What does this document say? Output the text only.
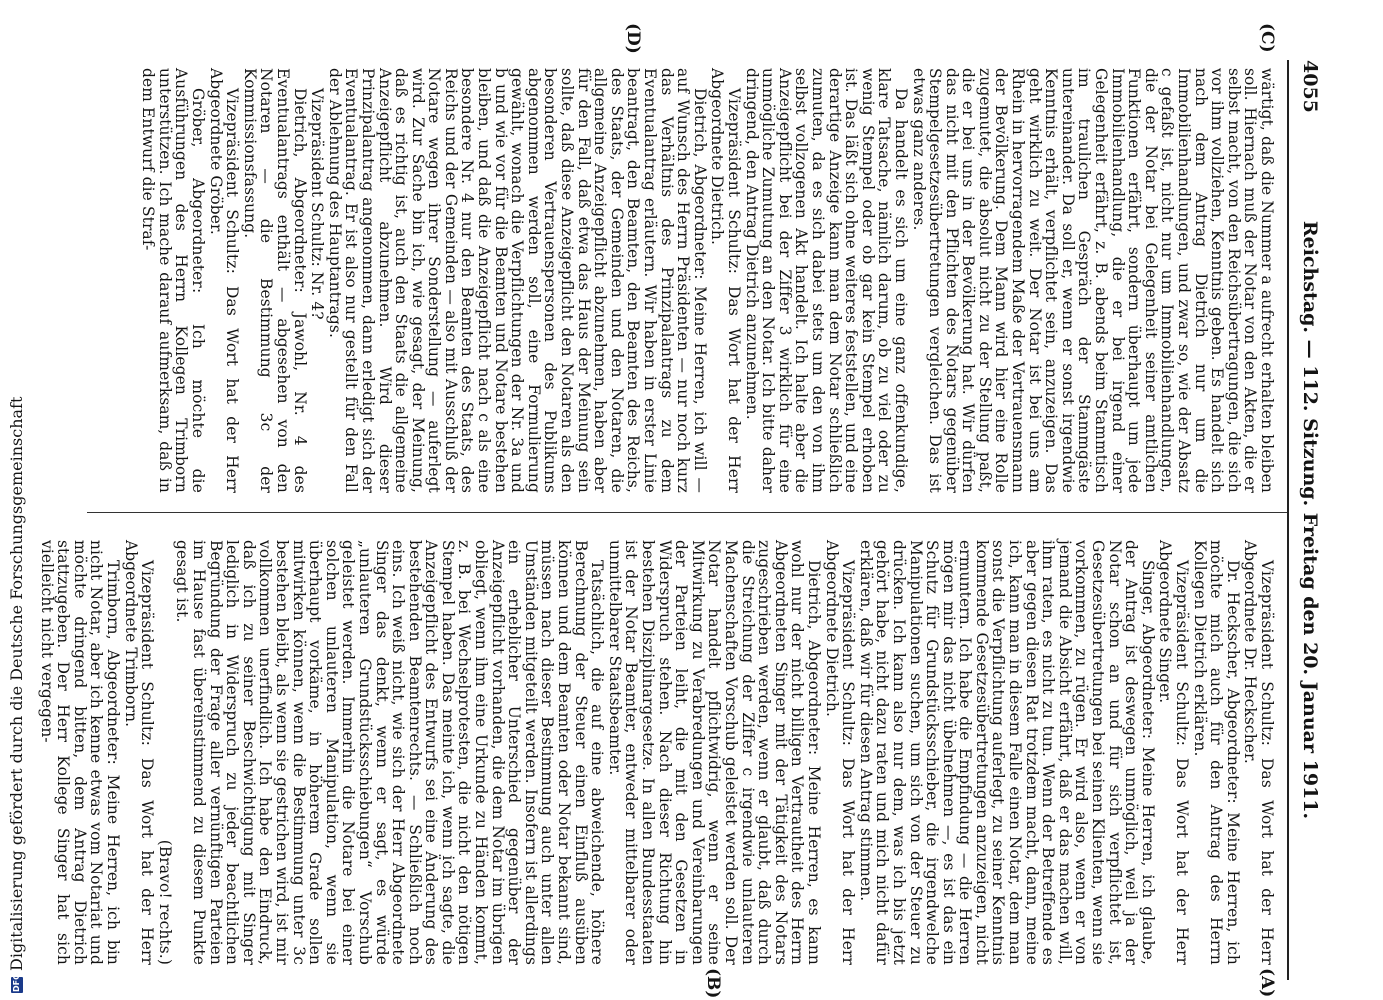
4055
Reichstag. — 112. Sitzung. Freitag den 20. Januar 1911.
(C)
(D)
(A)
(B)

wärtigt, daß die Nummer a aufrecht erhalten bleiben soll. Hiernach muß der Notar von den Akten, die er selbst macht, von den Reichsübertragungen, die sich vor ihm vollziehen, Kenntnis geben. Es handelt sich nach dem Antrag Dietrich nur um die Immobilienhandlungen, und zwar so, wie der Absatz c gefaßt ist, nicht nur um Immobilienhandlungen, die der Notar bei Gelegenheit seiner amtlichen Funktionen erfährt, sondern überhaupt um jede Immobilienhandlung, die er bei irgend einer Gelegenheit erfährt, z. B. abends beim Stammtisch im traulichen Gespräch der Stammgäste untereinander. Da soll er, wenn er sonst irgendwie Kenntnis erhält, verpflichtet sein, anzuzeigen. Das geht wirklich zu weit. Der Notar ist bei uns am Rhein in hervorragendem Maße der Vertrauensmann der Bevölkerung. Dem Mann wird hier eine Rolle zugemutet, die absolut nicht zu der Stellung paßt, die er bei uns in der Bevölkerung hat. Wir dürfen das nicht mit den Pflichten des Notars gegenüber Stempelgesetzesübertretungen vergleichen. Das ist etwas ganz anderes.

Da handelt es sich um eine ganz offenkundige, klare Tatsache, nämlich darum, ob zu viel oder zu wenig Stempel oder ob gar kein Stempel erhoben ist. Das läßt sich ohne weiteres feststellen, und eine derartige Anzeige kann man dem Notar schließlich zumuten, da es sich dabei stets um den von ihm selbst vollzogenen Akt handelt. Ich halte aber die Anzeigepflicht bei der Ziffer 3 wirklich für eine unmögliche Zumutung an den Notar. Ich bitte daher dringend, den Antrag Dietrich anzunehmen.

Vizepräsident Schultz: Das Wort hat der Herr Abgeordnete Dietrich.

Dietrich, Abgeordneter: Meine Herren, ich will — auf Wunsch des Herrn Präsidenten — nur noch kurz das Verhältnis des Prinzipalantrags zu dem Eventualantrag erläutern. Wir haben in erster Linie beantragt, den Beamten, den Beamten des Reichs, des Staats, der Gemeinden und den Notaren, die allgemeine Anzeigepflicht abzunehmen, haben aber für den Fall, daß etwa das Haus der Meinung sein sollte, daß diese Anzeigepflicht den Notaren als den besonderen Vertrauenspersonen des Publikums abgenommen werden soll, eine Formulierung gewählt, wonach die Verpflichtungen der Nr. 3a und b und wie vor für die Beamten und Notare bestehen bleiben, und daß die Anzeigepflicht nach c als eine besondere Nr. 4 nur den Beamten des Staats, des Reichs und der Gemeinden — also mit Ausschluß der Notare wegen ihrer Sonderstellung — auferlegt wird. Zur Sache bin ich, wie gesagt, der Meinung, daß es richtig ist, auch den Staats die allgemeine Anzeigepflicht abzunehmen. Wird dieser Prinzipalantrag angenommen, dann erledigt sich der Eventualantrag. Er ist also nur gestellt für den Fall der Ablehnung des Hauptantrags.

Vizepräsident Schultz: Nr. 4?

Dietrich, Abgeordneter: Jawohl, Nr. 4 des Eventualantrags enthält — abgesehen von den Notaren — die Bestimmung 3c der Kommissionsfassung.

Vizepräsident Schultz: Das Wort hat der Herr Abgeordnete Gröber.

Gröber, Abgeordneter: Ich möchte die Ausführungen des Herrn Kollegen Trimborn unterstützen. Ich mache darauf aufmerksam, daß in dem Entwurf die Straf-

Vizepräsident Schultz: Das Wort hat der Herr Abgeordnete Dr. Heckscher.

Dr. Heckscher, Abgeordneter: Meine Herren, ich möchte mich auch für den Antrag des Herrn Kollegen Dietrich erklären.

Vizepräsident Schultz: Das Wort hat der Herr Abgeordnete Singer.

Singer, Abgeordneter: Meine Herren, ich glaube, der Antrag ist deswegen unmöglich, weil ja der Notar schon an und für sich verpflichtet ist, Gesetzesübertretungen bei seinen Klienten, wenn sie vorkommen, zu rügen. Er wird also, wenn er von jemand die Absicht erfährt, daß er das machen will, ihm raten, es nicht zu tun. Wenn der Betreffende es aber gegen diesen Rat trotzdem macht, dann, meine ich, kann man in diesem Falle einen Notar, dem man sonst die Verpflichtung auferlegt, zu seiner Kenntnis kommende Gesetzesübertretungen anzuzeigen, nicht ermuntern. Ich habe die Empfindung — die Herren mögen mir das nicht übelnehmen —, es ist das ein Schutz für Grundstücksschieber, die irgendwelche Manipulationen suchen, um sich von der Steuer zu drücken. Ich kann also nur dem, was ich bis jetzt gehört habe, nicht dazu raten und mich nicht dafür erklären, daß wir für diesen Antrag stimmen.

Vizepräsident Schultz: Das Wort hat der Herr Abgeordnete Dietrich.

Dietrich, Abgeordneter: Meine Herren, es kann wohl nur der nicht billigen Vertrautheit des Herrn Abgeordneten Singer mit der Tätigkeit des Notars zugeschrieben werden, wenn er glaubt, daß durch die Streichung der Ziffer c irgendwie unlauteren Machenschaften Vorschub geleistet werden soll. Der Notar handelt pflichtwidrig, wenn er seine Mitwirkung zu Verabredungen und Vereinbarungen der Parteien leiht, die mit den Gesetzen in Widerspruch stehen. Nach dieser Richtung hin bestehen Disziplinargesetze. In allen Bundesstaaten ist der Notar Beamter, entweder mittelbarer oder unmittelbarer Staatsbeamter.

Tatsächlich, die auf eine abweichende, höhere Berechnung der Steuer einen Einfluß ausüben können und dem Beamten oder Notar bekannt sind, müssen nach dieser Bestimmung auch unter allen Umständen mitgeteilt werden. Insofern ist allerdings ein erheblicher Unterschied gegenüber der Anzeigepflicht vorhanden, die dem Notar im übrigen obliegt, wenn ihm eine Urkunde zu Händen kommt, z. B. bei Wechselprotesten, die nicht den nötigen Stempel haben. Das meinte ich, wenn ich sagte, die Anzeigepflicht des Entwurfs sei eine Änderung des bestehenden Beamtenrechts. — Schließlich noch eins. Ich weiß nicht, wie sich der Herr Abgeordnete Singer das denkt, wenn er sagt, es würde „unlauteren Grundstücksschiebungen“ Vorschub geleistet werden. Immerhin die Notare bei einer solchen unlauteren Manipulation, wenn sie überhaupt vorkäme, in höherem Grade sollen mitwirken können, wenn die Bestimmung unter 3c bestehen bleibt, als wenn sie gestrichen wird, ist mir vollkommen unerfindlich. Ich habe den Eindruck, daß ich zu seiner Beschwichtigung mit Singer lediglich in Widerspruch zu jeder beachtlichen Begründung der Frage aller vernünftigen Parteien im Hause fast übereinstimmend zu diesem Punkte gesagt ist.

(Bravo! rechts.)

Vizepräsident Schultz: Das Wort hat der Herr Abgeordnete Trimborn.

Trimborn, Abgeordneter: Meine Herren, ich bin nicht Notar, aber ich kenne etwas vom Notariat und möchte dringend bitten, dem Antrag Dietrich stattzugeben. Der Herr Kollege Singer hat sich vielleicht nicht vergegen-

DFG
Digitalisierung gefördert durch die Deutsche Forschungsgemeinschaft
